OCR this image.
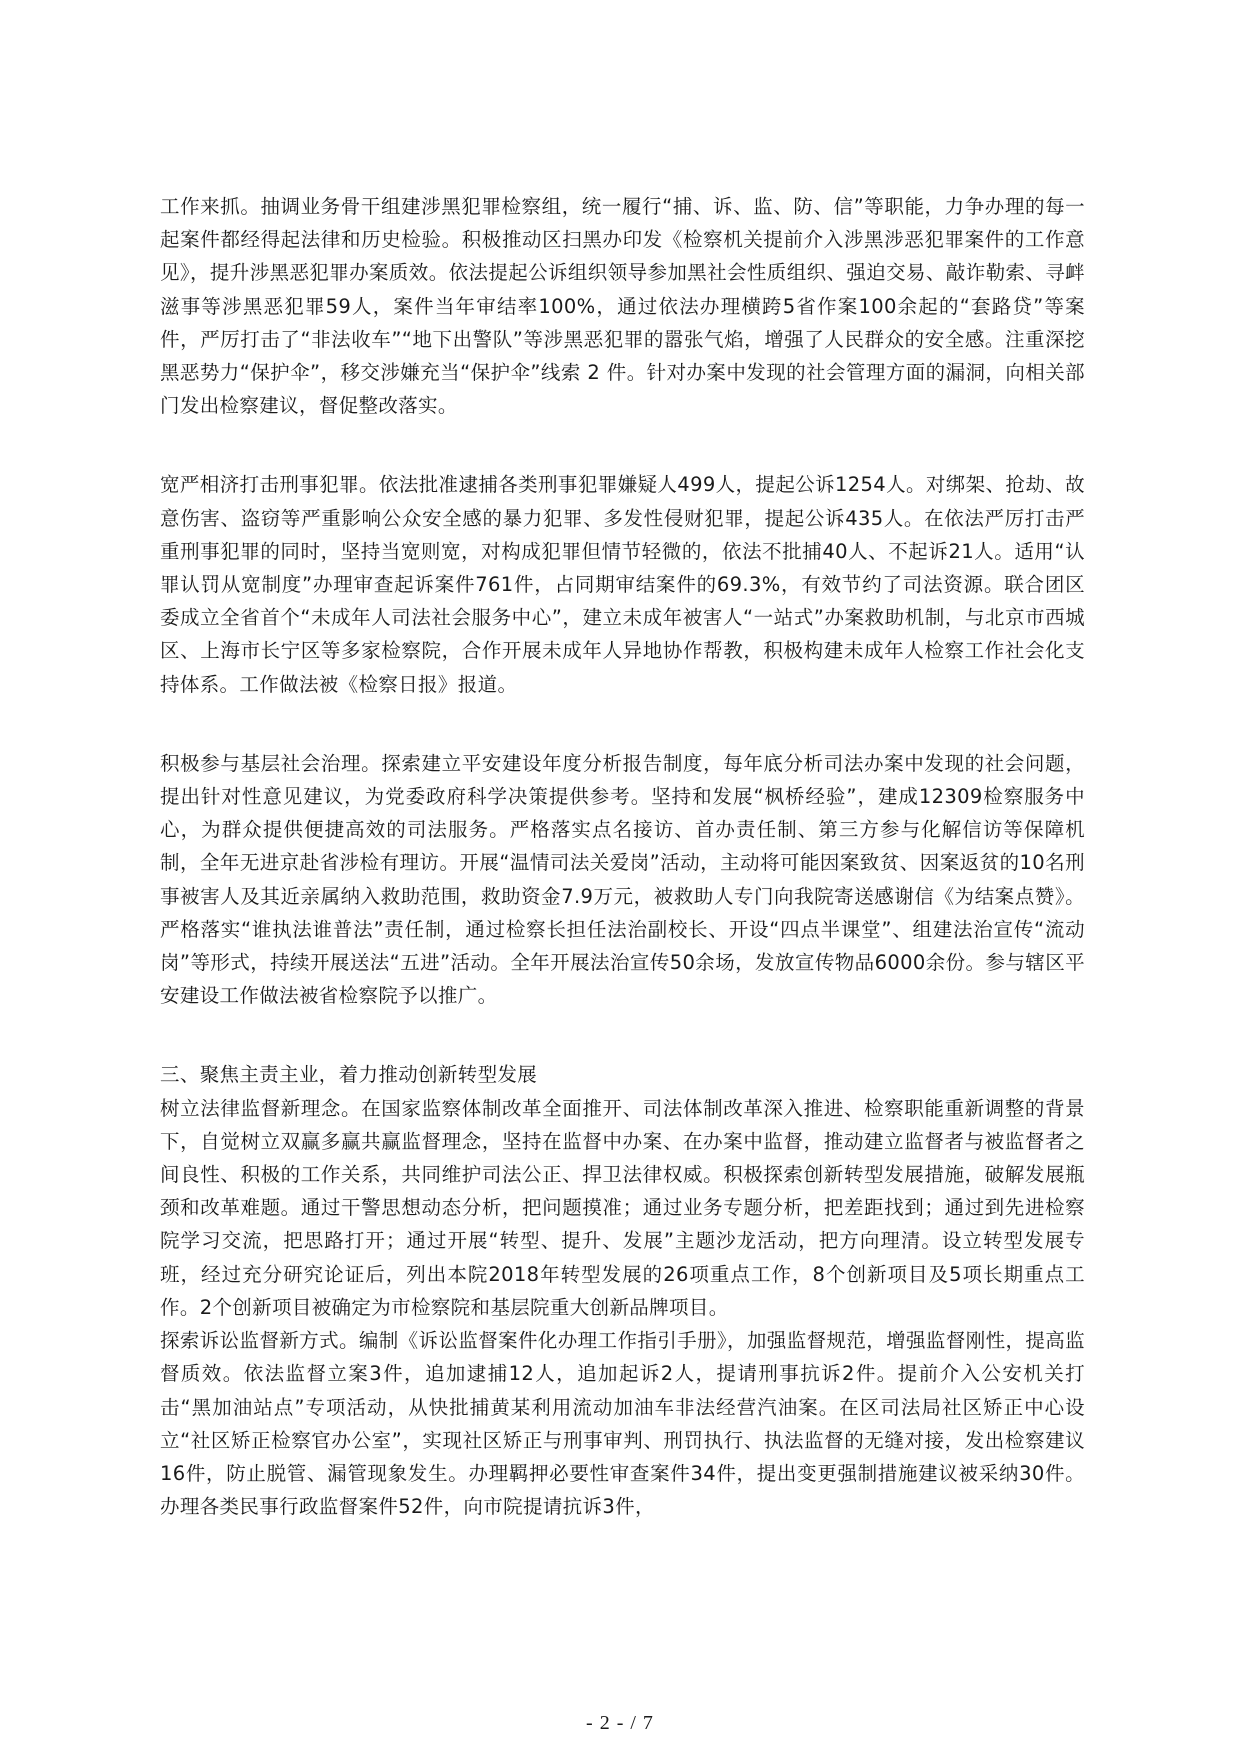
工作来抓。抽调业务骨干组建涉黑犯罪检察组，统一履行“捕、诉、监、防、信”等职能，力争办理的每一起案件都经得起法律和历史检验。积极推动区扫黑办印发《检察机关提前介入涉黑涉恶犯罪案件的工作意见》，提升涉黑恶犯罪办案质效。依法提起公诉组织领导参加黑社会性质组织、强迫交易、敲诈勒索、寻衅滋事等涉黑恶犯罪59人，案件当年审结率100%，通过依法办理横跨5省作案100余起的“套路贷”等案件，严厉打击了“非法收车”“地下出警队”等涉黑恶犯罪的嚣张气焰，增强了人民群众的安全感。注重深挖黑恶势力“保护伞”，移交涉嫌充当“保护伞”线索 2 件。针对办案中发现的社会管理方面的漏洞，向相关部门发出检察建议，督促整改落实。

宽严相济打击刑事犯罪。依法批准逮捕各类刑事犯罪嫌疑人499人，提起公诉1254人。对绑架、抢劫、故意伤害、盗窃等严重影响公众安全感的暴力犯罪、多发性侵财犯罪，提起公诉435人。在依法严厉打击严重刑事犯罪的同时，坚持当宽则宽，对构成犯罪但情节轻微的，依法不批捕40人、不起诉21人。适用“认罪认罚从宽制度”办理审查起诉案件761件，占同期审结案件的69.3%，有效节约了司法资源。联合团区委成立全省首个“未成年人司法社会服务中心”，建立未成年被害人“一站式”办案救助机制，与北京市西城区、上海市长宁区等多家检察院，合作开展未成年人异地协作帮教，积极构建未成年人检察工作社会化支持体系。工作做法被《检察日报》报道。

积极参与基层社会治理。探索建立平安建设年度分析报告制度，每年底分析司法办案中发现的社会问题，提出针对性意见建议，为党委政府科学决策提供参考。坚持和发展“枫桥经验”，建成12309检察服务中心，为群众提供便捷高效的司法服务。严格落实点名接访、首办责任制、第三方参与化解信访等保障机制，全年无进京赴省涉检有理访。开展“温情司法关爱岗”活动，主动将可能因案致贫、因案返贫的10名刑事被害人及其近亲属纳入救助范围，救助资金7.9万元，被救助人专门向我院寄送感谢信《为结案点赞》。严格落实“谁执法谁普法”责任制，通过检察长担任法治副校长、开设“四点半课堂”、组建法治宣传“流动岗”等形式，持续开展送法“五进”活动。全年开展法治宣传50余场，发放宣传物品6000余份。参与辖区平安建设工作做法被省检察院予以推广。

三、聚焦主责主业，着力推动创新转型发展

树立法律监督新理念。在国家监察体制改革全面推开、司法体制改革深入推进、检察职能重新调整的背景下，自觉树立双赢多赢共赢监督理念，坚持在监督中办案、在办案中监督，推动建立监督者与被监督者之间良性、积极的工作关系，共同维护司法公正、捍卫法律权威。积极探索创新转型发展措施，破解发展瓶颈和改革难题。通过干警思想动态分析，把问题摸准；通过业务专题分析，把差距找到；通过到先进检察院学习交流，把思路打开；通过开展“转型、提升、发展”主题沙龙活动，把方向理清。设立转型发展专班，经过充分研究论证后，列出本院2018年转型发展的26项重点工作，8个创新项目及5项长期重点工作。2个创新项目被确定为市检察院和基层院重大创新品牌项目。

探索诉讼监督新方式。编制《诉讼监督案件化办理工作指引手册》，加强监督规范，增强监督刚性，提高监督质效。依法监督立案3件，追加逮捕12人，追加起诉2人，提请刑事抗诉2件。提前介入公安机关打击“黑加油站点”专项活动，从快批捕黄某利用流动加油车非法经营汽油案。在区司法局社区矫正中心设立“社区矫正检察官办公室”，实现社区矫正与刑事审判、刑罚执行、执法监督的无缝对接，发出检察建议16件，防止脱管、漏管现象发生。办理羁押必要性审查案件34件，提出变更强制措施建议被采纳30件。办理各类民事行政监督案件52件，向市院提请抗诉3件，

- 2 - / 7
